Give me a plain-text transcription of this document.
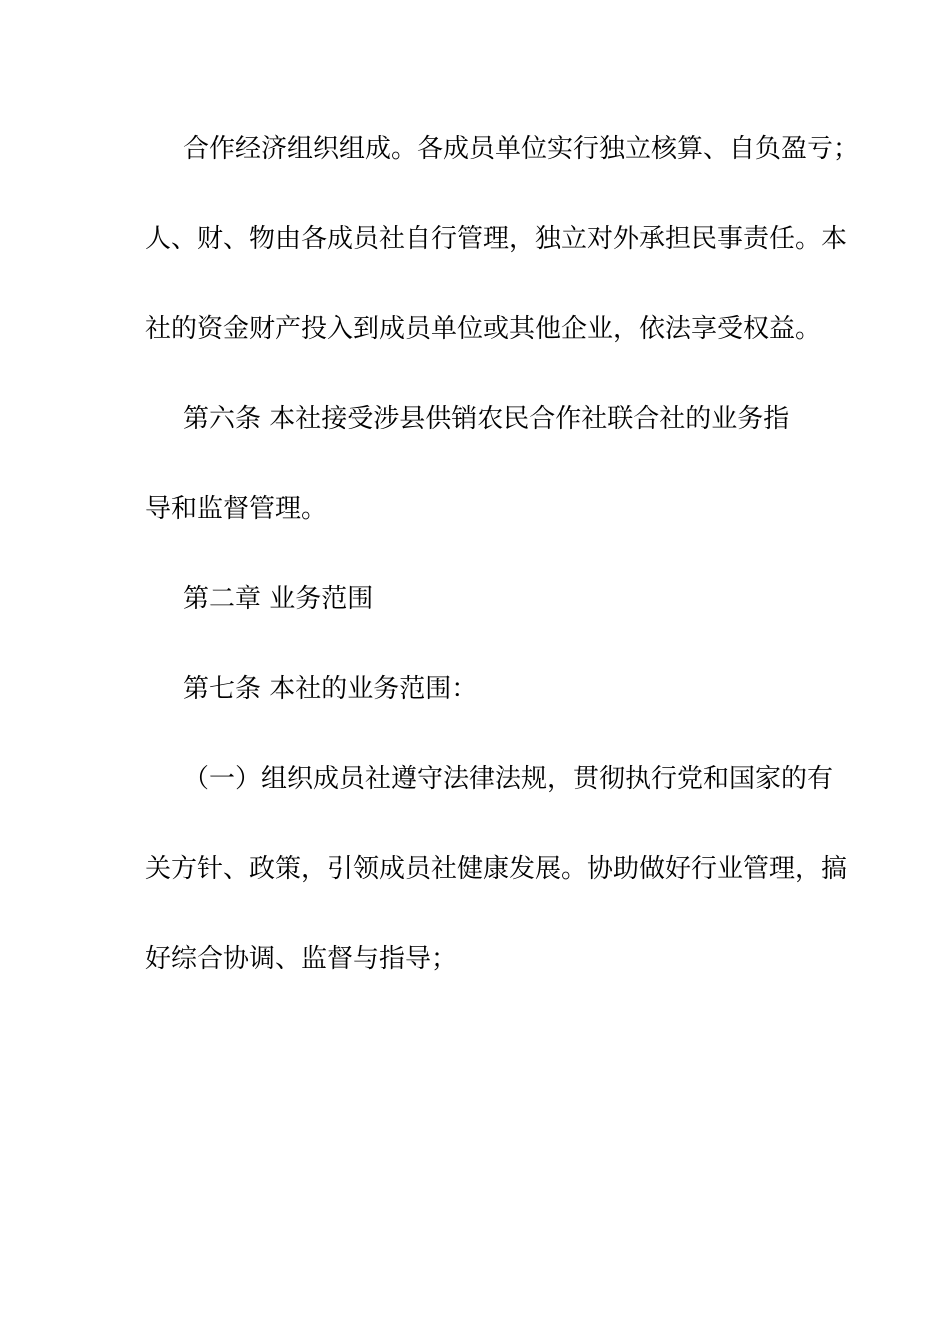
合作经济组织组成。各成员单位实行独立核算、自负盈亏；
人、财、物由各成员社自行管理，独立对外承担民事责任。本
社的资金财产投入到成员单位或其他企业，依法享受权益。
第六条 本社接受涉县供销农民合作社联合社的业务指
导和监督管理。
第二章 业务范围
第七条 本社的业务范围：
（一）组织成员社遵守法律法规，贯彻执行党和国家的有
关方针、政策，引领成员社健康发展。协助做好行业管理，搞
好综合协调、监督与指导；
